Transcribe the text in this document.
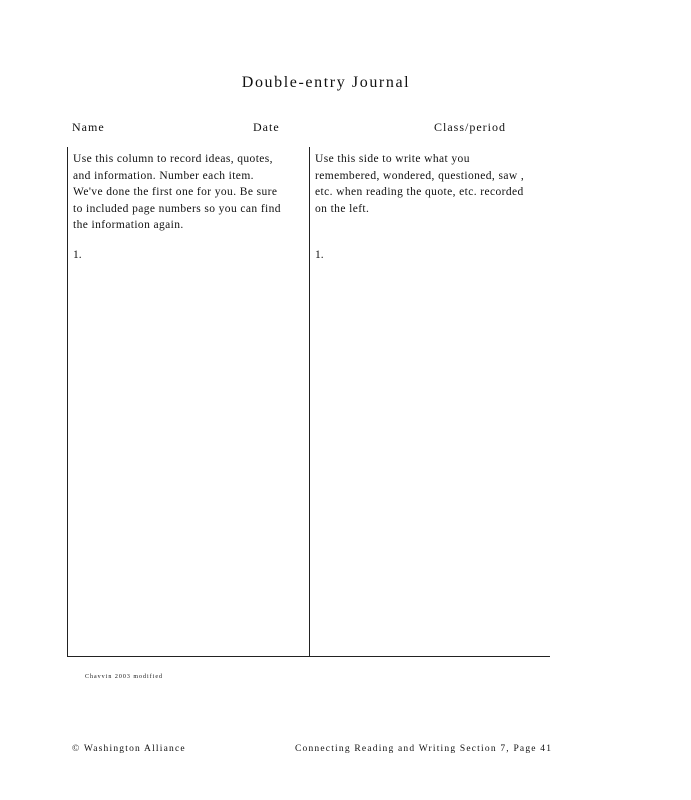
Double-entry Journal
Name	Date	Class/period
Use this column to record ideas, quotes,
and information. Number each item.
We've done the first one for you. Be sure
to included page numbers so you can find
the information again.
1.
Use this side to write what you
remembered, wondered, questioned, saw ,
etc. when reading the quote, etc. recorded
on the left.
1.
Chavvin 2003 modified
© Washington Alliance	Connecting Reading and Writing Section 7, Page 41
